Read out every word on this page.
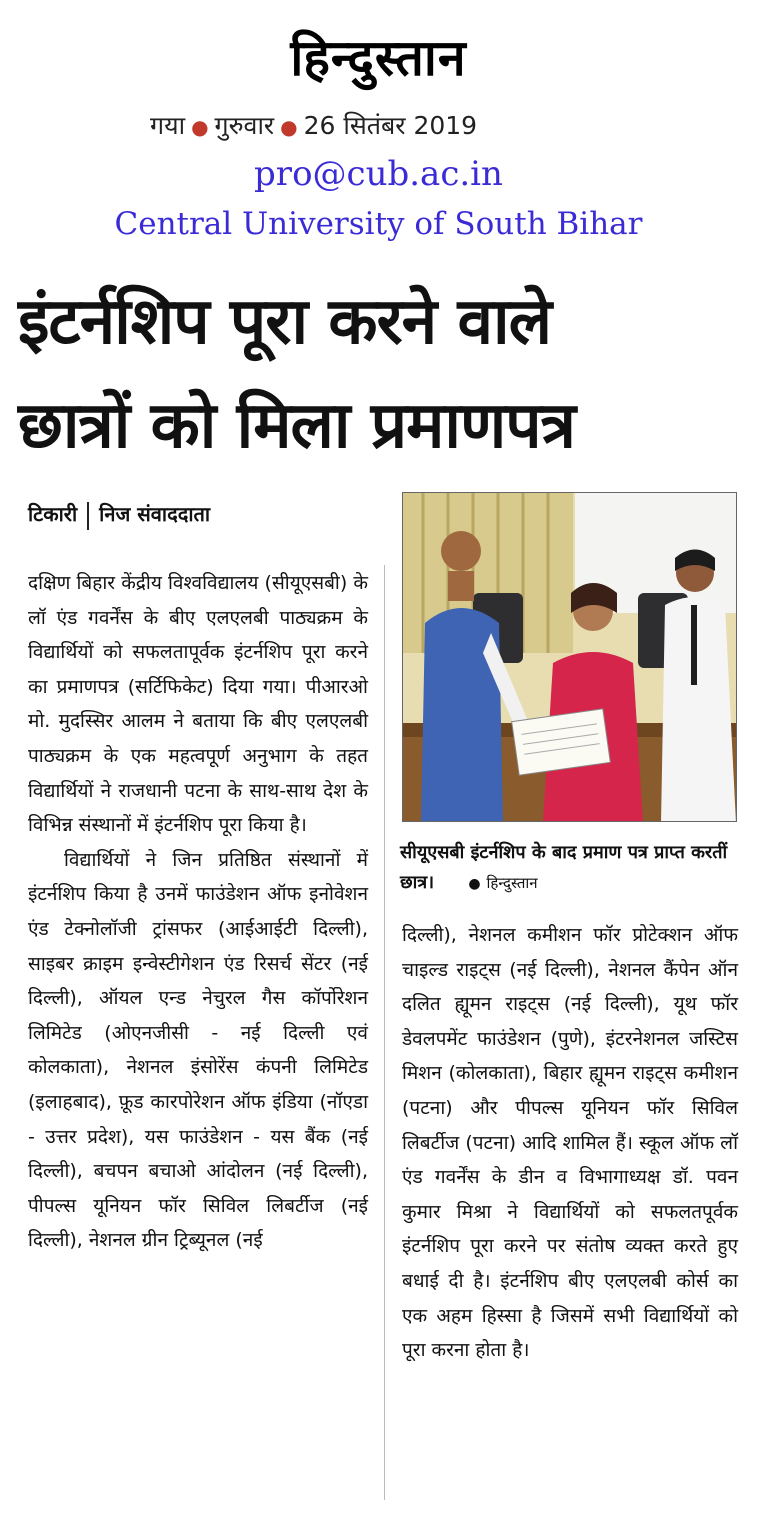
हिन्दुस्तान
गया ● गुरुवार ● 26 सितंबर 2019
pro@cub.ac.in
Central University of South Bihar
इंटर्नशिप पूरा करने वाले
छात्रों को मिला प्रमाणपत्र
टिकारी निज संवाददाता

दक्षिण बिहार केंद्रीय विश्वविद्यालय (सीयूएसबी) के लॉ एंड गवर्नेंस के बीए एलएलबी पाठ्यक्रम के विद्यार्थियों को सफलतापूर्वक इंटर्नशिप पूरा करने का प्रमाणपत्र (सर्टिफिकेट) दिया गया। पीआरओ मो. मुदस्सिर आलम ने बताया कि बीए एलएलबी पाठ्यक्रम के एक महत्वपूर्ण अनुभाग के तहत विद्यार्थियों ने राजधानी पटना के साथ-साथ देश के विभिन्न संस्थानों में इंटर्नशिप पूरा किया है।

विद्यार्थियों ने जिन प्रतिष्ठित संस्थानों में इंटर्नशिप किया है उनमें फाउंडेशन ऑफ इनोवेशन एंड टेक्नोलॉजी ट्रांसफर (आईआईटी दिल्ली), साइबर क्राइम इन्वेस्टीगेशन एंड रिसर्च सेंटर (नई दिल्ली), ऑयल एन्ड नेचुरल गैस कॉर्पोरेशन लिमिटेड (ओएनजीसी - नई दिल्ली एवं कोलकाता), नेशनल इंसोरेंस कंपनी लिमिटेड (इलाहबाद), फ़ूड कारपोरेशन ऑफ इंडिया (नॉएडा - उत्तर प्रदेश), यस फाउंडेशन - यस बैंक (नई दिल्ली), बचपन बचाओ आंदोलन (नई दिल्ली), पीपल्स यूनियन फॉर सिविल लिबर्टीज (नई दिल्ली), नेशनल ग्रीन ट्रिब्यूनल (नई

सीयूएसबी इंटर्नशिप के बाद प्रमाण पत्र प्राप्त करतीं छात्र। ● हिन्दुस्तान

दिल्ली), नेशनल कमीशन फॉर प्रोटेक्शन ऑफ चाइल्ड राइट्स (नई दिल्ली), नेशनल कैंपेन ऑन दलित ह्यूमन राइट्स (नई दिल्ली), यूथ फॉर डेवलपमेंट फाउंडेशन (पुणे), इंटरनेशनल जस्टिस मिशन (कोलकाता), बिहार ह्यूमन राइट्स कमीशन (पटना) और पीपल्स यूनियन फॉर सिविल लिबर्टीज (पटना) आदि शामिल हैं। स्कूल ऑफ लॉ एंड गवर्नेंस के डीन व विभागाध्यक्ष डॉ. पवन कुमार मिश्रा ने विद्यार्थियों को सफलतपूर्वक इंटर्नशिप पूरा करने पर संतोष व्यक्त करते हुए बधाई दी है। इंटर्नशिप बीए एलएलबी कोर्स का एक अहम हिस्सा है जिसमें सभी विद्यार्थियों को पूरा करना होता है।
